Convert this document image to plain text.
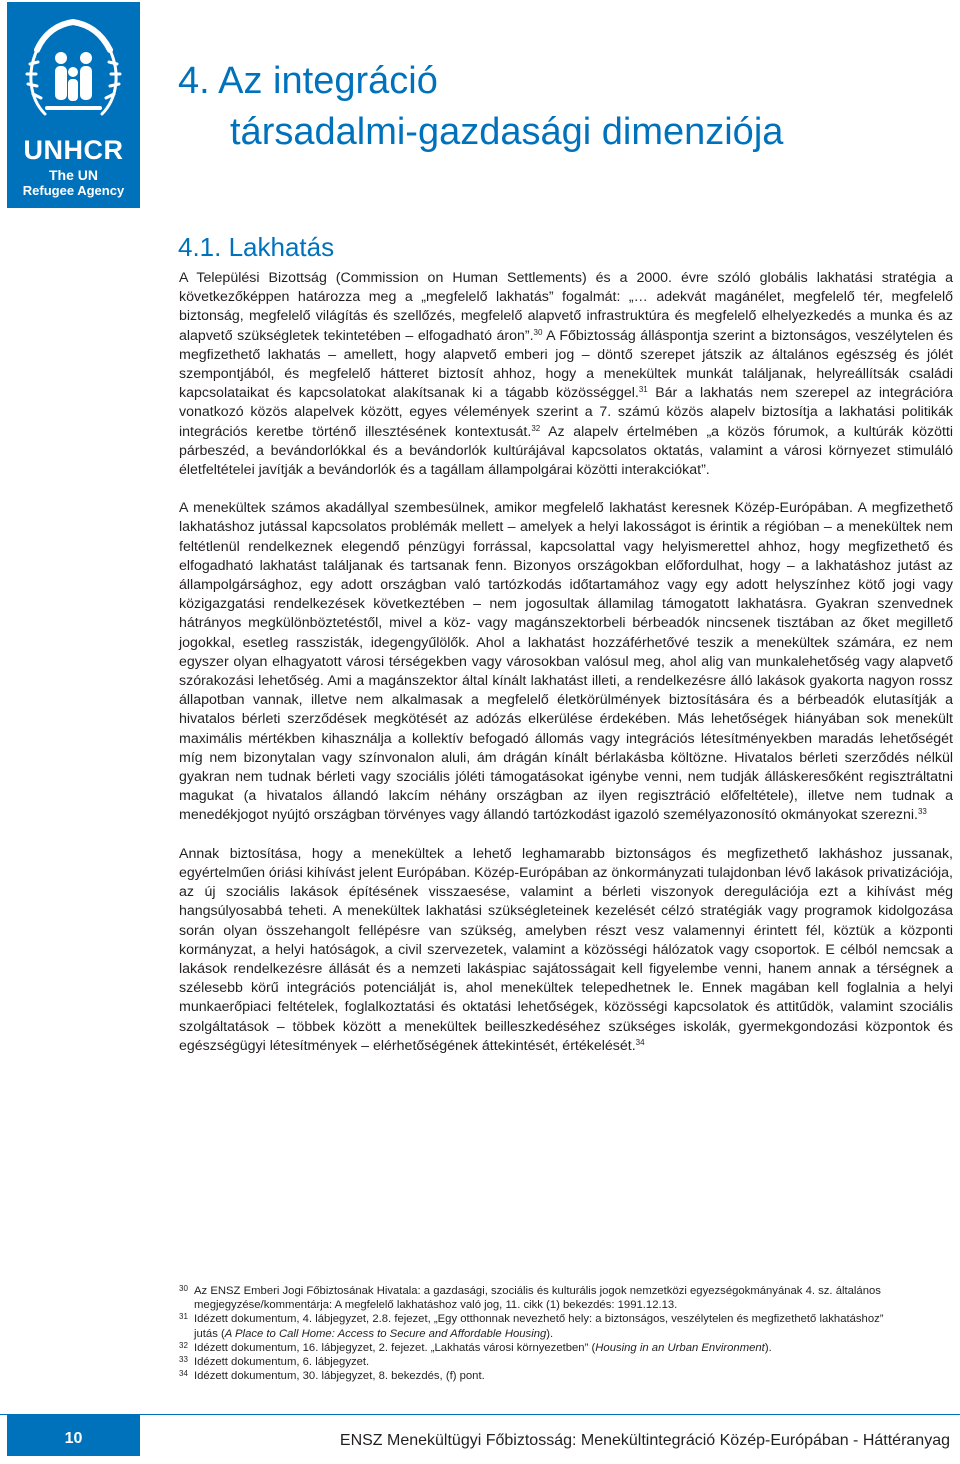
UNHCR
The UN
Refugee Agency
4. Az integráció
társadalmi-gazdasági dimenziója
4.1. Lakhatás

A Települési Bizottság (Commission on Human Settlements) és a 2000. évre szóló globális lakhatási stratégia a következőképpen határozza meg a „megfelelő lakhatás” fogalmát: „… adekvát magánélet, megfelelő tér, megfelelő biztonság, megfelelő világítás és szellőzés, megfelelő alapvető infrastruktúra és megfelelő elhelyezkedés a munka és az alapvető szükségletek tekintetében – elfogadható áron”.$^{30}$ A Főbiztosság álláspontja szerint a biztonságos, veszélytelen és megfizethető lakhatás – amellett, hogy alapvető emberi jog – döntő szerepet játszik az általános egészség és jólét szempontjából, és megfelelő hátteret biztosít ahhoz, hogy a menekültek munkát találjanak, helyreállítsák családi kapcsolataikat és kapcsolatokat alakítsanak ki a tágabb közösséggel.$^{31}$ Bár a lakhatás nem szerepel az integrációra vonatkozó közös alapelvek között, egyes vélemények szerint a 7. számú közös alapelv biztosítja a lakhatási politikák integrációs keretbe történő illesztésének kontextusát.$^{32}$ Az alapelv értelmében „a közös fórumok, a kultúrák közötti párbeszéd, a bevándorlókkal és a bevándorlók kultúrájával kapcsolatos oktatás, valamint a városi környezet stimuláló életfeltételei javítják a bevándorlók és a tagállam állampolgárai közötti interakciókat”.

A menekültek számos akadállyal szembesülnek, amikor megfelelő lakhatást keresnek Közép-Európában. A megfizethető lakhatáshoz jutással kapcsolatos problémák mellett – amelyek a helyi lakosságot is érintik a régióban – a menekültek nem feltétlenül rendelkeznek elegendő pénzügyi forrással, kapcsolattal vagy helyismerettel ahhoz, hogy megfizethető és elfogadható lakhatást találjanak és tartsanak fenn. Bizonyos országokban előfordulhat, hogy – a lakhatáshoz jutást az állampolgársághoz, egy adott országban való tartózkodás időtartamához vagy egy adott helyszínhez kötő jogi vagy közigazgatási rendelkezések következtében – nem jogosultak államilag támogatott lakhatásra. Gyakran szenvednek hátrányos megkülönböztetéstől, mivel a köz- vagy magánszektorbeli bérbeadók nincsenek tisztában az őket megillető jogokkal, esetleg rasszisták, idegengyűlölők. Ahol a lakhatást hozzáférhetővé teszik a menekültek számára, ez nem egyszer olyan elhagyatott városi térségekben vagy városokban valósul meg, ahol alig van munkalehetőség vagy alapvető szórakozási lehetőség. Ami a magánszektor által kínált lakhatást illeti, a rendelkezésre álló lakások gyakorta nagyon rossz állapotban vannak, illetve nem alkalmasak a megfelelő életkörülmények biztosítására és a bérbeadók elutasítják a hivatalos bérleti szerződések megkötését az adózás elkerülése érdekében. Más lehetőségek hiányában sok menekült maximális mértékben kihasználja a kollektív befogadó állomás vagy integrációs létesítményekben maradás lehetőségét míg nem bizonytalan vagy színvonalon aluli, ám drágán kínált bérlakásba költözne. Hivatalos bérleti szerződés nélkül gyakran nem tudnak bérleti vagy szociális jóléti támogatásokat igénybe venni, nem tudják álláskeresőként regisztráltatni magukat (a hivatalos állandó lakcím néhány országban az ilyen regisztráció előfeltétele), illetve nem tudnak a menedékjogot nyújtó országban törvényes vagy állandó tartózkodást igazoló személyazonosító okmányokat szerezni.$^{33}$

Annak biztosítása, hogy a menekültek a lehető leghamarabb biztonságos és megfizethető lakháshoz jussanak, egyértelműen óriási kihívást jelent Európában. Közép-Európában az önkormányzati tulajdonban lévő lakások privatizációja, az új szociális lakások építésének visszaesése, valamint a bérleti viszonyok deregulációja ezt a kihívást még hangsúlyosabbá teheti. A menekültek lakhatási szükségleteinek kezelését célzó stratégiák vagy programok kidolgozása során olyan összehangolt fellépésre van szükség, amelyben részt vesz valamennyi érintett fél, köztük a központi kormányzat, a helyi hatóságok, a civil szervezetek, valamint a közösségi hálózatok vagy csoportok. E célból nemcsak a lakások rendelkezésre állását és a nemzeti lakáspiac sajátosságait kell figyelembe venni, hanem annak a térségnek a szélesebb körű integrációs potenciálját is, ahol menekültek telepedhetnek le. Ennek magában kell foglalnia a helyi munkaerőpiaci feltételek, foglalkoztatási és oktatási lehetőségek, közösségi kapcsolatok és attitűdök, valamint szociális szolgáltatások – többek között a menekültek beilleszkedéséhez szükséges iskolák, gyermekgondozási központok és egészségügyi létesítmények – elérhetőségének áttekintését, értékelését.$^{34}$

30 Az ENSZ Emberi Jogi Főbiztosának Hivatala: a gazdasági, szociális és kulturális jogok nemzetközi egyezségokmányának 4. sz. általános megjegyzése/kommentárja: A megfelelő lakhatáshoz való jog, 11. cikk (1) bekezdés: 1991.12.13.
31 Idézett dokumentum, 4. lábjegyzet, 2.8. fejezet, „Egy otthonnak nevezhető hely: a biztonságos, veszélytelen és megfizethető lakhatáshoz” jutás (A Place to Call Home: Access to Secure and Affordable Housing).
32 Idézett dokumentum, 16. lábjegyzet, 2. fejezet. „Lakhatás városi környezetben” (Housing in an Urban Environment).
33 Idézett dokumentum, 6. lábjegyzet.
34 Idézett dokumentum, 30. lábjegyzet, 8. bekezdés, (f) pont.
10	ENSZ Menekültügyi Főbiztosság: Menekültintegráció Közép-Európában - Háttéranyag
